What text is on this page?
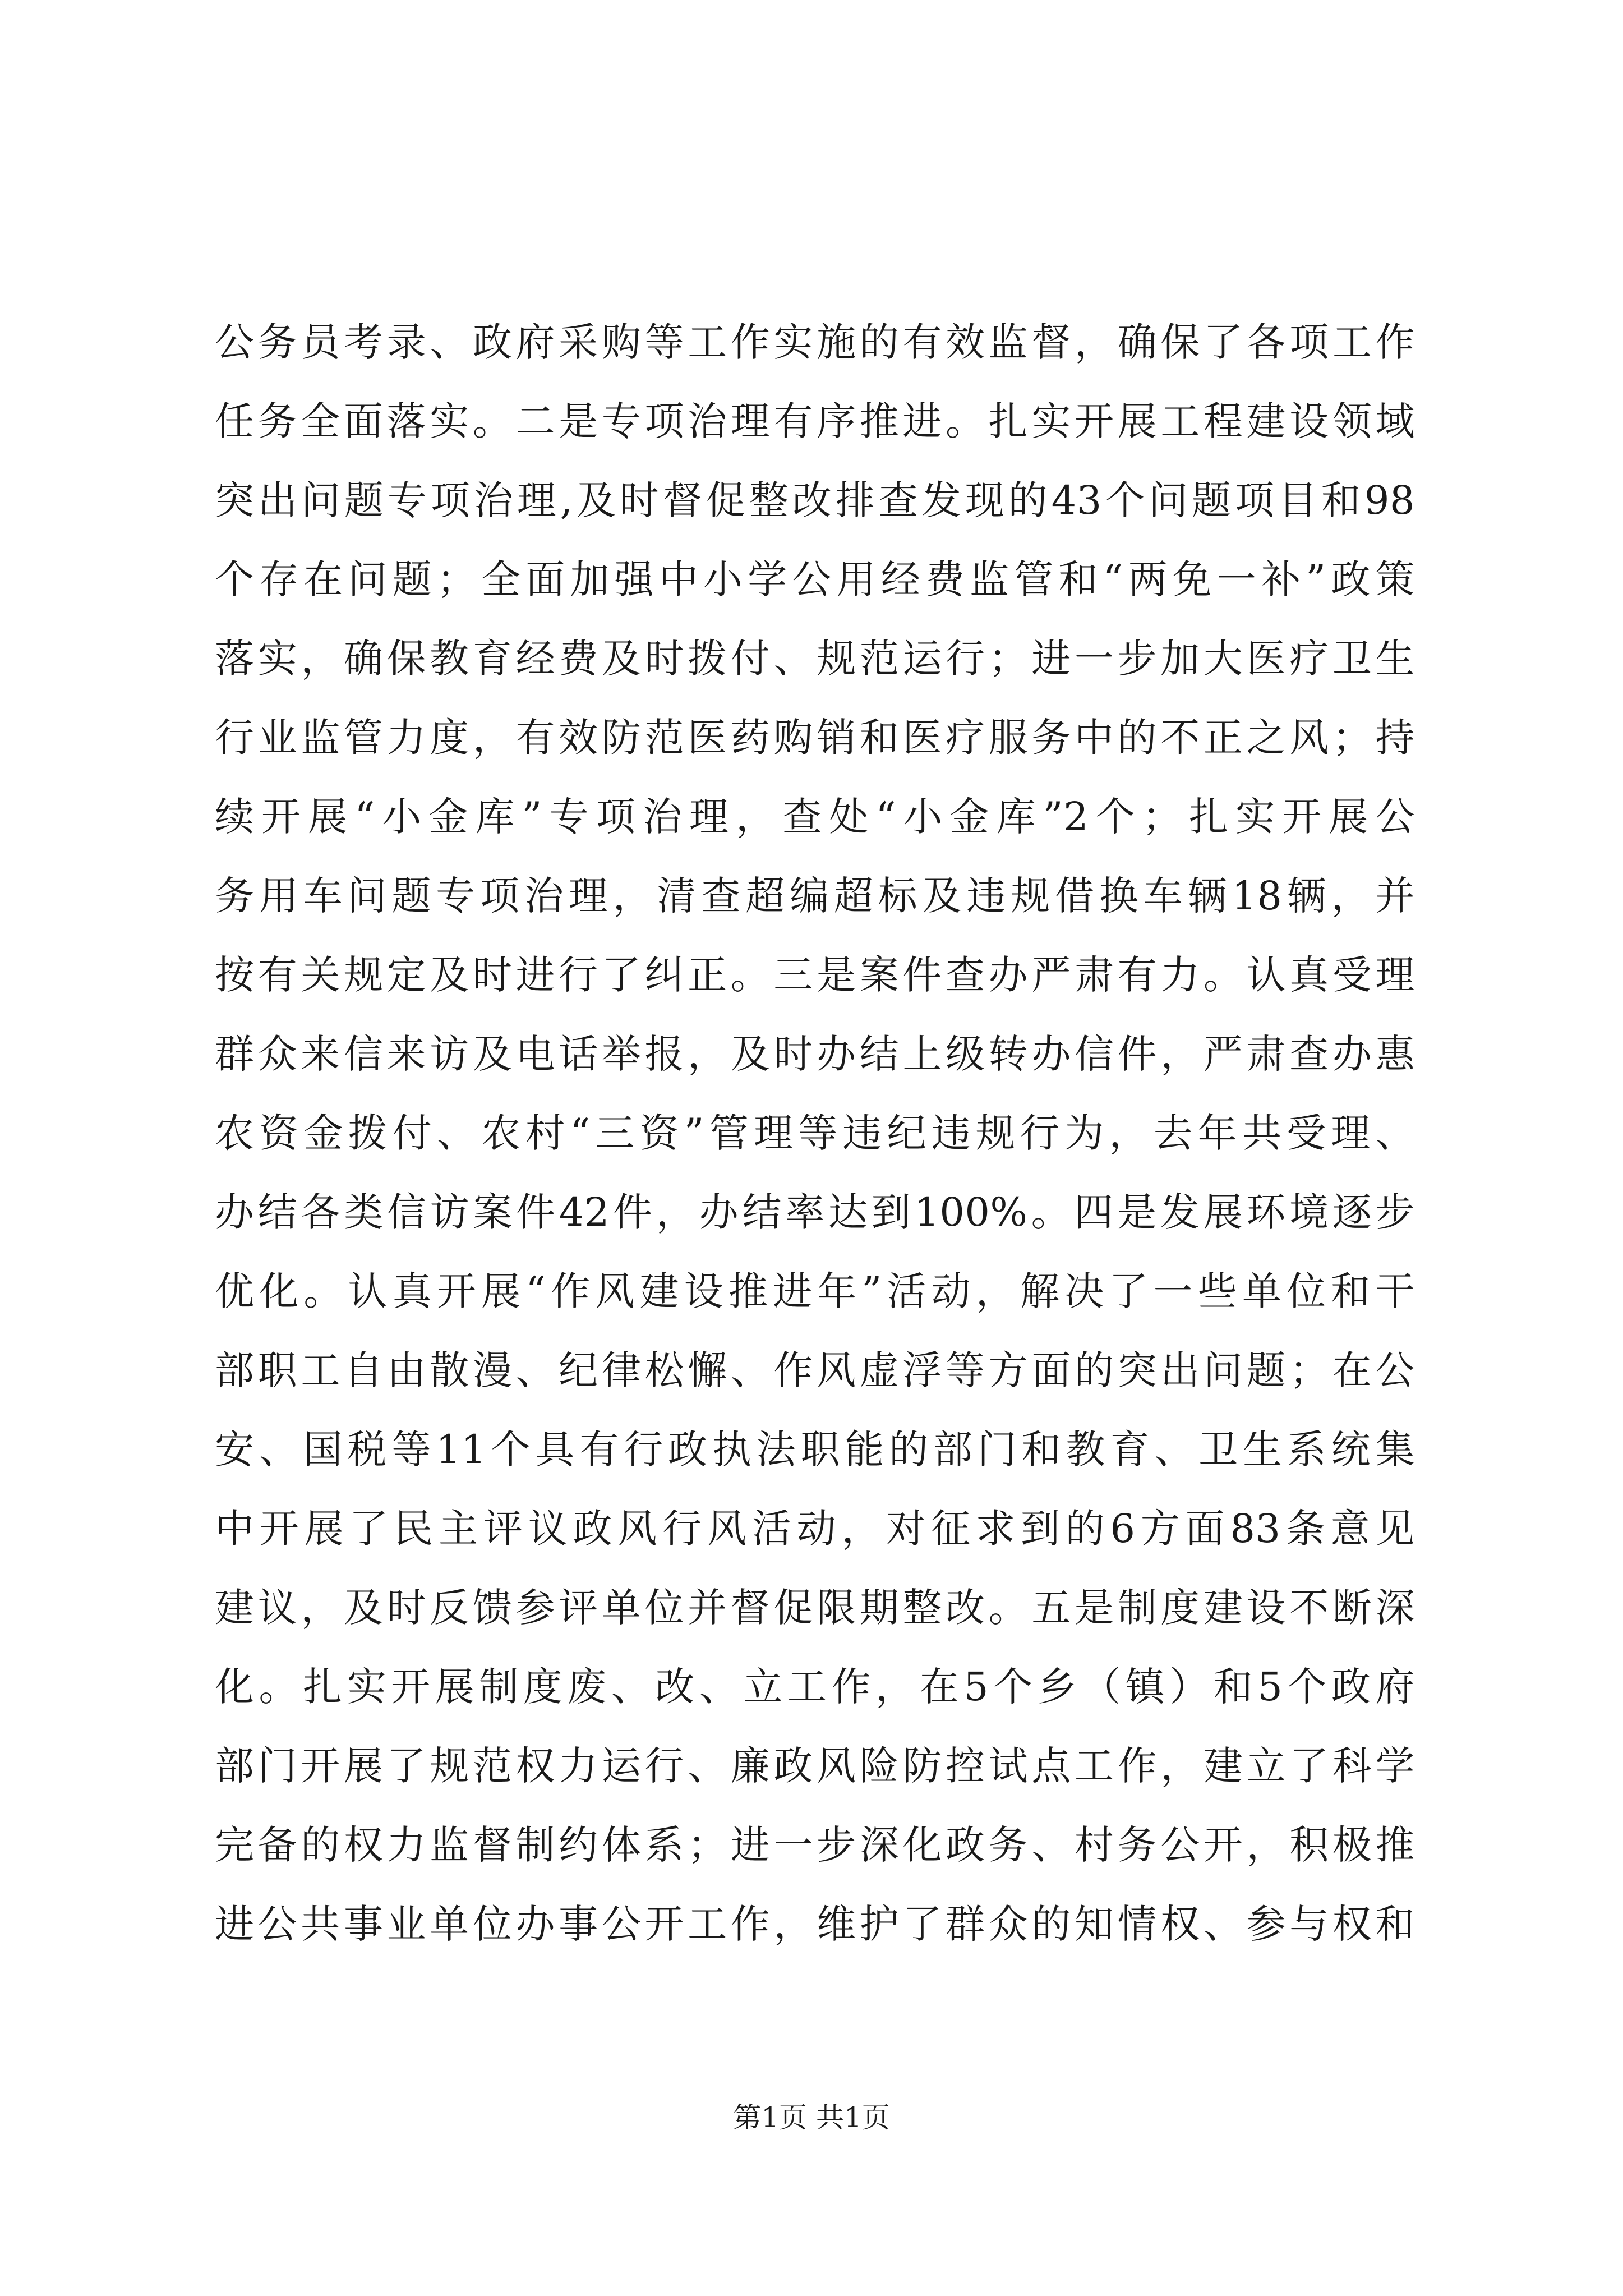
公务员考录、政府采购等工作实施的有效监督，确保了各项工作
任务全面落实。二是专项治理有序推进。扎实开展工程建设领域
突出问题专项治理,及时督促整改排查发现的43个问题项目和98
个存在问题；全面加强中小学公用经费监管和“两免一补”政策
落实，确保教育经费及时拨付、规范运行；进一步加大医疗卫生
行业监管力度，有效防范医药购销和医疗服务中的不正之风；持
续开展“小金库”专项治理，查处“小金库”2个；扎实开展公
务用车问题专项治理，清查超编超标及违规借换车辆18辆，并
按有关规定及时进行了纠正。三是案件查办严肃有力。认真受理
群众来信来访及电话举报，及时办结上级转办信件，严肃查办惠
农资金拨付、农村“三资”管理等违纪违规行为，去年共受理、
办结各类信访案件42件，办结率达到100%。四是发展环境逐步
优化。认真开展“作风建设推进年”活动，解决了一些单位和干
部职工自由散漫、纪律松懈、作风虚浮等方面的突出问题；在公
安、国税等11个具有行政执法职能的部门和教育、卫生系统集
中开展了民主评议政风行风活动，对征求到的6方面83条意见
建议，及时反馈参评单位并督促限期整改。五是制度建设不断深
化。扎实开展制度废、改、立工作，在5个乡（镇）和5个政府
部门开展了规范权力运行、廉政风险防控试点工作，建立了科学
完备的权力监督制约体系；进一步深化政务、村务公开，积极推
进公共事业单位办事公开工作，维护了群众的知情权、参与权和
第1页 共1页
